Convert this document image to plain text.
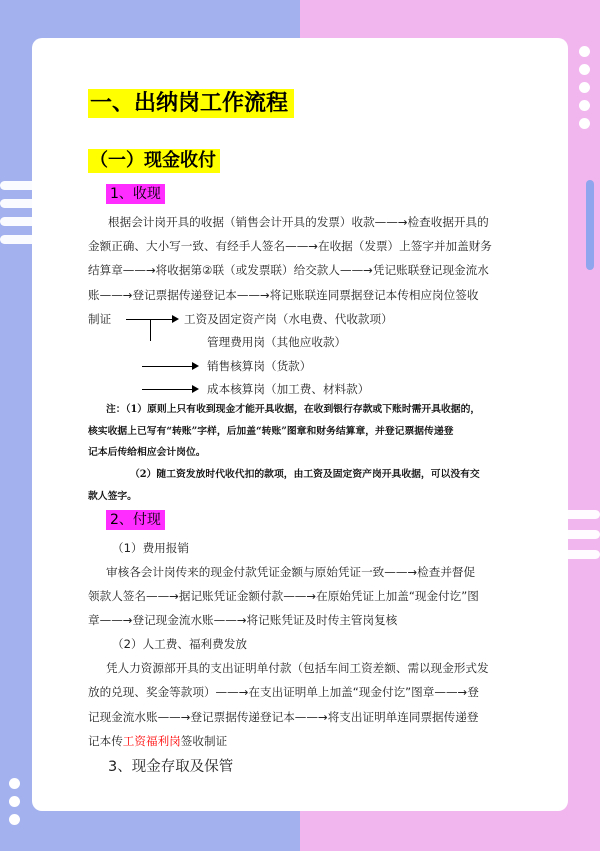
一、出纳岗工作流程
（一）现金收付
1、收现
根据会计岗开具的收据（销售会计开具的发票）收款——→检查收据开具的
金额正确、大小写一致、有经手人签名——→在收据（发票）上签字并加盖财务
结算章——→将收据第②联（或发票联）给交款人——→凭记账联登记现金流水
账——→登记票据传递登记本——→将记账联连同票据登记本传相应岗位签收
制证	工资及固定资产岗（水电费、代收款项）
管理费用岗（其他应收款）
销售核算岗（货款）
成本核算岗（加工费、材料款）
注：（1）原则上只有收到现金才能开具收据，在收到银行存款或下账时需开具收据的，
核实收据上已写有“转账”字样，后加盖“转账”图章和财务结算章，并登记票据传递登
记本后传给相应会计岗位。
（2）随工资发放时代收代扣的款项，由工资及固定资产岗开具收据，可以没有交
款人签字。
2、付现
（1）费用报销
审核各会计岗传来的现金付款凭证金额与原始凭证一致——→检查并督促
领款人签名——→据记账凭证金额付款——→在原始凭证上加盖“现金付讫”图
章——→登记现金流水账——→将记账凭证及时传主管岗复核
（2）人工费、福利费发放
凭人力资源部开具的支出证明单付款（包括车间工资差额、需以现金形式发
放的兑现、奖金等款项）——→在支出证明单上加盖“现金付讫”图章——→登
记现金流水账——→登记票据传递登记本——→将支出证明单连同票据传递登
记本传工资福利岗签收制证
3、现金存取及保管
